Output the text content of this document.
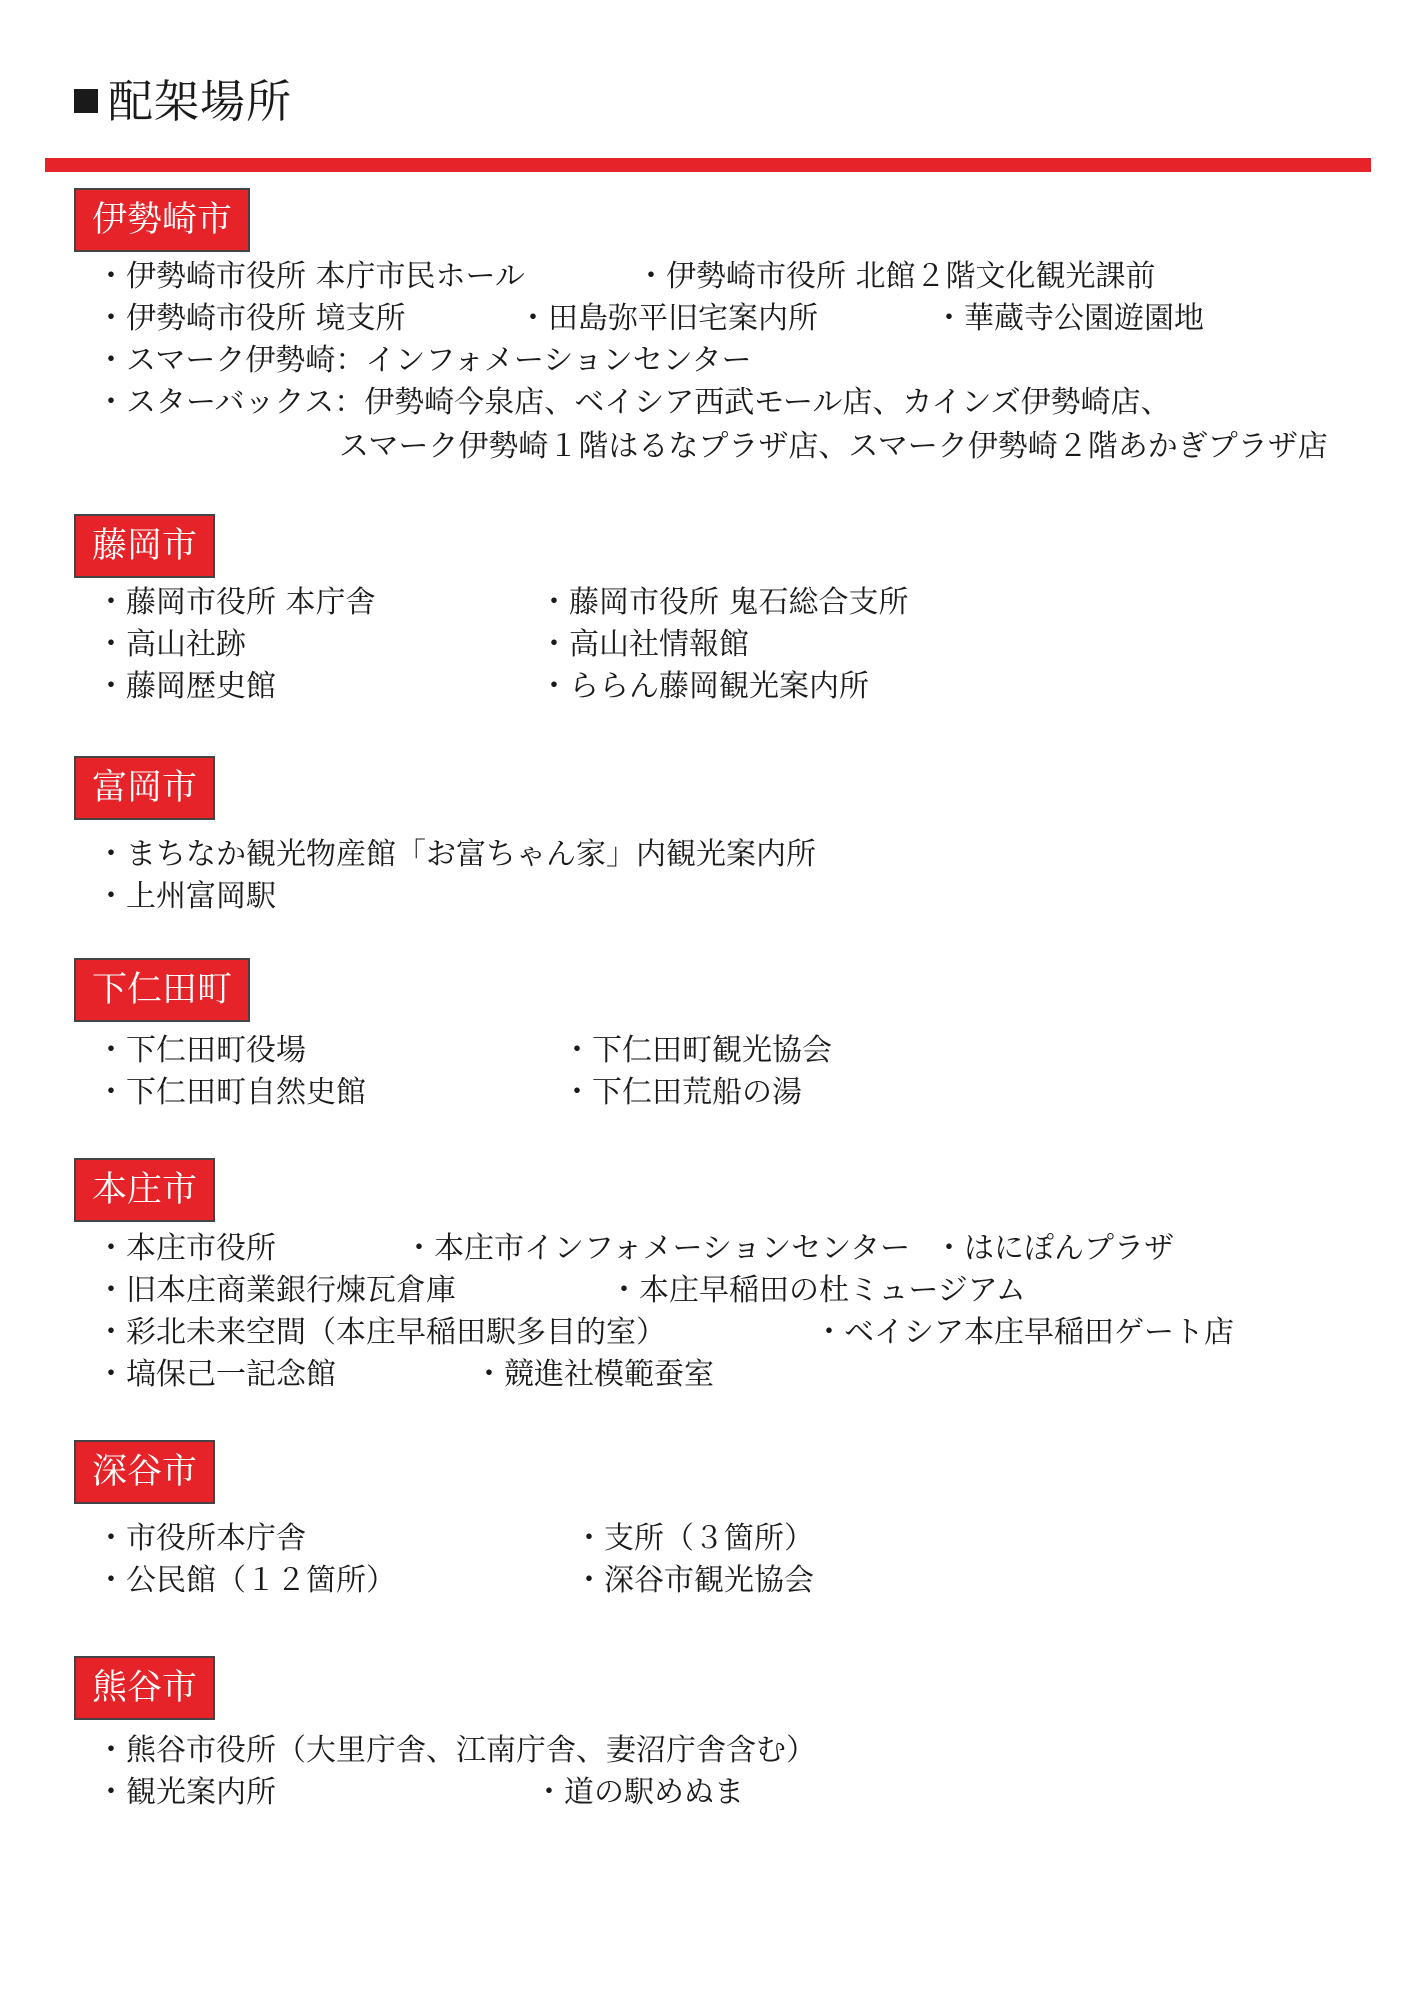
配架場所
伊勢崎市
・伊勢崎市役所 本庁市民ホール	・伊勢崎市役所 北館２階文化観光課前
・伊勢崎市役所 境支所	・田島弥平旧宅案内所	・華蔵寺公園遊園地
・スマーク伊勢崎：インフォメーションセンター
・スターバックス：伊勢崎今泉店、ベイシア西武モール店、カインズ伊勢崎店、
スマーク伊勢崎１階はるなプラザ店、スマーク伊勢崎２階あかぎプラザ店
藤岡市
・藤岡市役所 本庁舎	・藤岡市役所 鬼石総合支所
・高山社跡	・高山社情報館
・藤岡歴史館	・ららん藤岡観光案内所
富岡市
・まちなか観光物産館「お富ちゃん家」内観光案内所
・上州富岡駅
下仁田町
・下仁田町役場	・下仁田町観光協会
・下仁田町自然史館	・下仁田荒船の湯
本庄市
・本庄市役所	・本庄市インフォメーションセンター ・はにぽんプラザ
・旧本庄商業銀行煉瓦倉庫	・本庄早稲田の杜ミュージアム
・彩北未来空間（本庄早稲田駅多目的室）	・ベイシア本庄早稲田ゲート店
・塙保己一記念館	・競進社模範蚕室
深谷市
・市役所本庁舎	・支所（３箇所）
・公民館（１２箇所）	・深谷市観光協会
熊谷市
・熊谷市役所（大里庁舎、江南庁舎、妻沼庁舎含む）
・観光案内所	・道の駅めぬま
